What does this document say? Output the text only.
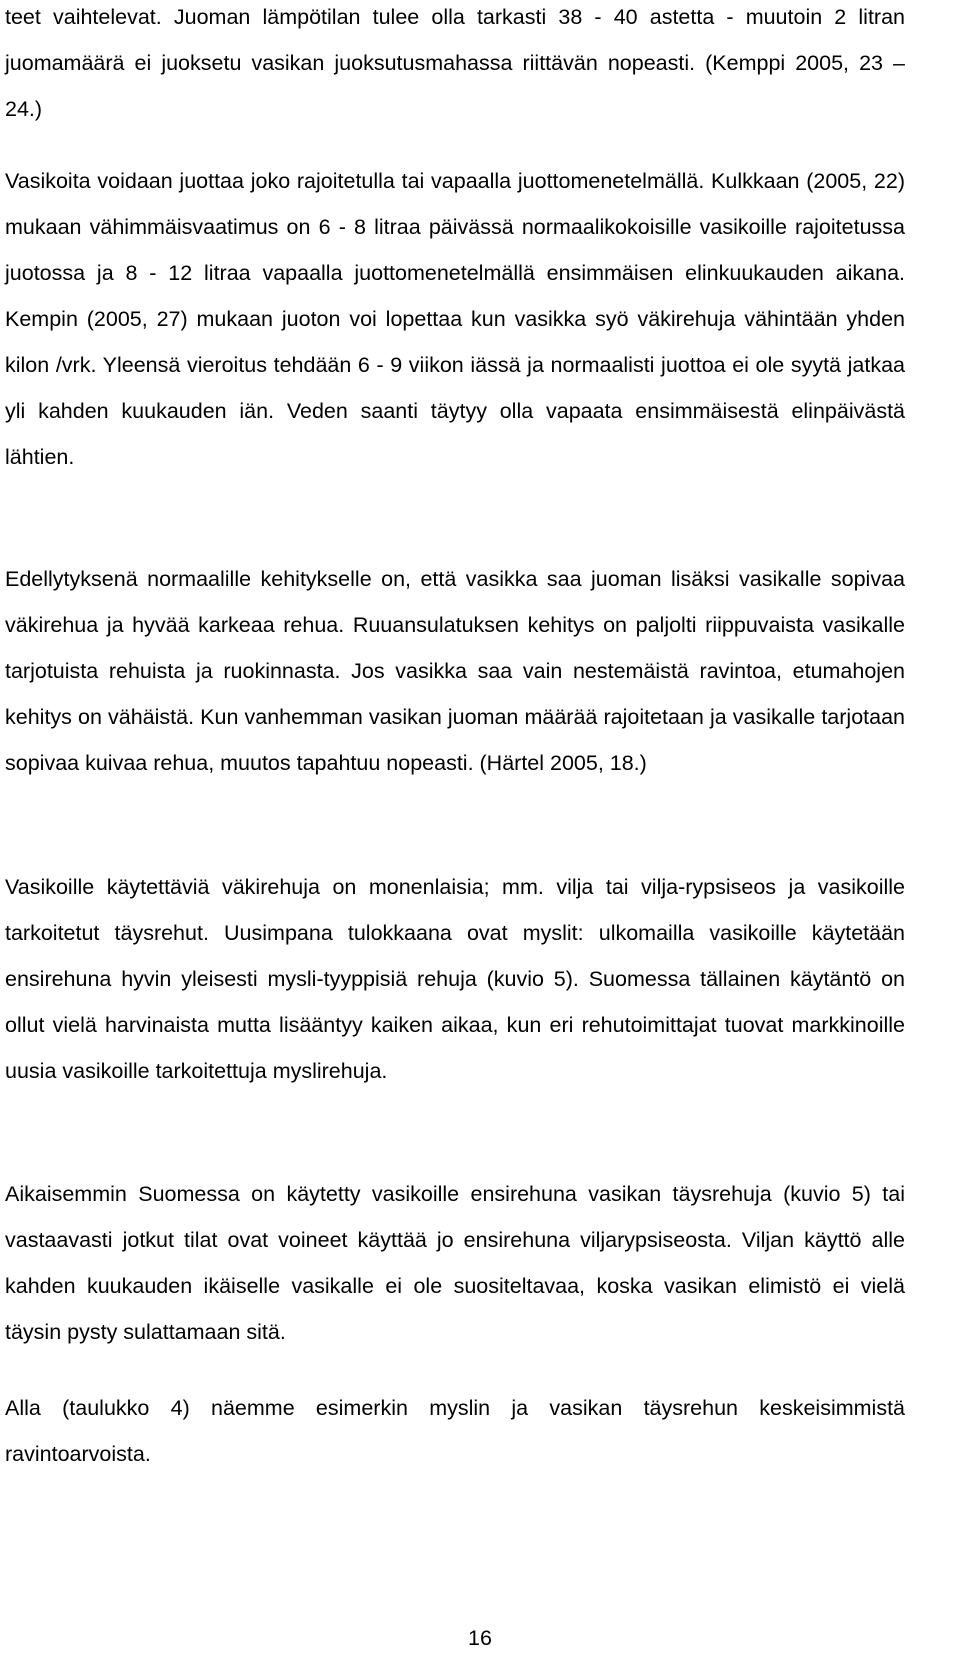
teet vaihtelevat. Juoman lämpötilan tulee olla tarkasti 38 - 40 astetta - muutoin 2 litran juomamäärä ei juoksetu vasikan juoksutusmahassa riittävän nopeasti. (Kemppi 2005, 23 – 24.)

Vasikoita voidaan juottaa joko rajoitetulla tai vapaalla juottomenetelmällä. Kulkkaan (2005, 22) mukaan vähimmäisvaatimus on 6 - 8 litraa päivässä normaalikokoisille vasikoille rajoitetussa juotossa ja 8 - 12 litraa vapaalla juottomenetelmällä ensimmäisen elinkuukauden aikana. Kempin (2005, 27) mukaan juoton voi lopettaa kun vasikka syö väkirehuja vähintään yhden kilon /vrk. Yleensä vieroitus tehdään 6 - 9 viikon iässä ja normaalisti juottoa ei ole syytä jatkaa yli kahden kuukauden iän. Veden saanti täytyy olla vapaata ensimmäisestä elinpäivästä lähtien.

Edellytyksenä normaalille kehitykselle on, että vasikka saa juoman lisäksi vasikalle sopivaa väkirehua ja hyvää karkeaa rehua. Ruuansulatuksen kehitys on paljolti riippuvaista vasikalle tarjotuista rehuista ja ruokinnasta. Jos vasikka saa vain nestemäistä ravintoa, etumahojen kehitys on vähäistä. Kun vanhemman vasikan juoman määrää rajoitetaan ja vasikalle tarjotaan sopivaa kuivaa rehua, muutos tapahtuu nopeasti. (Härtel 2005, 18.)

Vasikoille käytettäviä väkirehuja on monenlaisia; mm. vilja tai vilja-rypsiseos ja vasikoille tarkoitetut täysrehut. Uusimpana tulokkaana ovat myslit: ulkomailla vasikoille käytetään ensirehuna hyvin yleisesti mysli-tyyppisiä rehuja (kuvio 5). Suomessa tällainen käytäntö on ollut vielä harvinaista mutta lisääntyy kaiken aikaa, kun eri rehutoimittajat tuovat markkinoille uusia vasikoille tarkoitettuja myslirehuja.

Aikaisemmin Suomessa on käytetty vasikoille ensirehuna vasikan täysrehuja (kuvio 5) tai vastaavasti jotkut tilat ovat voineet käyttää jo ensirehuna viljarypsiseosta. Viljan käyttö alle kahden kuukauden ikäiselle vasikalle ei ole suositeltavaa, koska vasikan elimistö ei vielä täysin pysty sulattamaan sitä.

Alla (taulukko 4) näemme esimerkin myslin ja vasikan täysrehun keskeisimmistä ravintoarvoista.

16
